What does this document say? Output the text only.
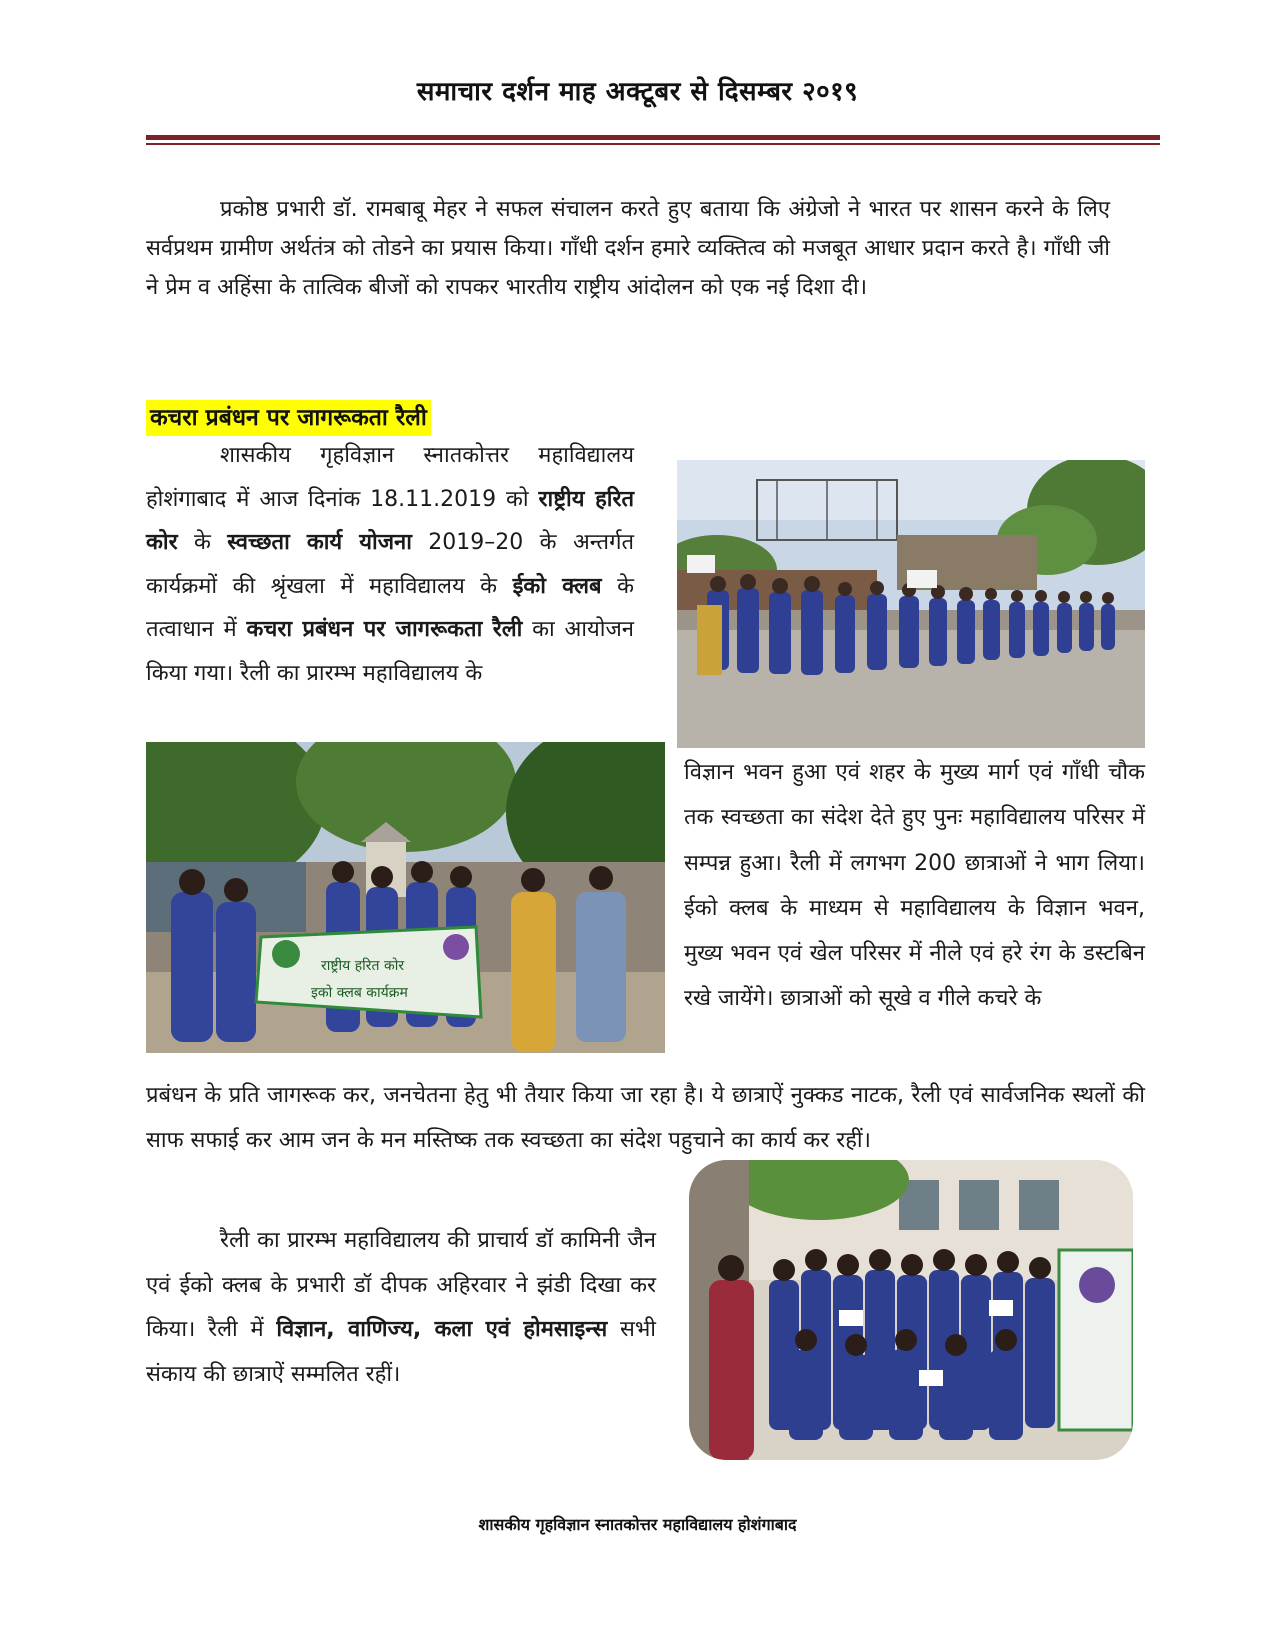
समाचार दर्शन माह अक्टूबर से दिसम्बर २०१९

प्रकोष्ठ प्रभारी डॉ. रामबाबू मेहर ने सफल संचालन करते हुए बताया कि अंग्रेजो ने भारत पर शासन करने के लिए सर्वप्रथम ग्रामीण अर्थतंत्र को तोडने का प्रयास किया। गाँधी दर्शन हमारे व्यक्तित्व को मजबूत आधार प्रदान करते है। गाँधी जी ने प्रेम व अहिंसा के तात्विक बीजों को रापकर भारतीय राष्ट्रीय आंदोलन को एक नई दिशा दी।

कचरा प्रबंधन पर जागरूकता रैली

शासकीय गृहविज्ञान स्नातकोत्तर महाविद्यालय होशंगाबाद में आज दिनांक 18.11.2019 को राष्ट्रीय हरित कोर के स्वच्छता कार्य योजना 2019–20 के अन्तर्गत कार्यक्रमों की श्रृंखला में महाविद्यालय के ईको क्लब के तत्वाधान में कचरा प्रबंधन पर जागरूकता रैली का आयोजन किया गया। रैली का प्रारम्भ महाविद्यालय के

राष्ट्रीय हरित कोर
इको क्लब कार्यक्रम

विज्ञान भवन हुआ एवं शहर के मुख्य मार्ग एवं गाँधी चौक तक स्वच्छता का संदेश देते हुए पुनः महाविद्यालय परिसर में सम्पन्न हुआ। रैली में लगभग 200 छात्राओं ने भाग लिया। ईको क्लब के माध्यम से महाविद्यालय के विज्ञान भवन, मुख्य भवन एवं खेल परिसर में नीले एवं हरे रंग के डस्टबिन रखे जायेंगे। छात्राओं को सूखे व गीले कचरे के

प्रबंधन के प्रति जागरूक कर, जनचेतना हेतु भी तैयार किया जा रहा है। ये छात्राऐं नुक्कड नाटक, रैली एवं सार्वजनिक स्थलों की साफ सफाई कर आम जन के मन मस्तिष्क तक स्वच्छता का संदेश पहुचाने का कार्य कर रहीं।

रैली का प्रारम्भ महाविद्यालय की प्राचार्य डॉ कामिनी जैन एवं ईको क्लब के प्रभारी डॉ दीपक अहिरवार ने झंडी दिखा कर किया। रैली में विज्ञान, वाणिज्य, कला एवं होमसाइन्स सभी संकाय की छात्राऐं सम्मलित रहीं।

शासकीय गृहविज्ञान स्नातकोत्तर महाविद्यालय होशंगाबाद
